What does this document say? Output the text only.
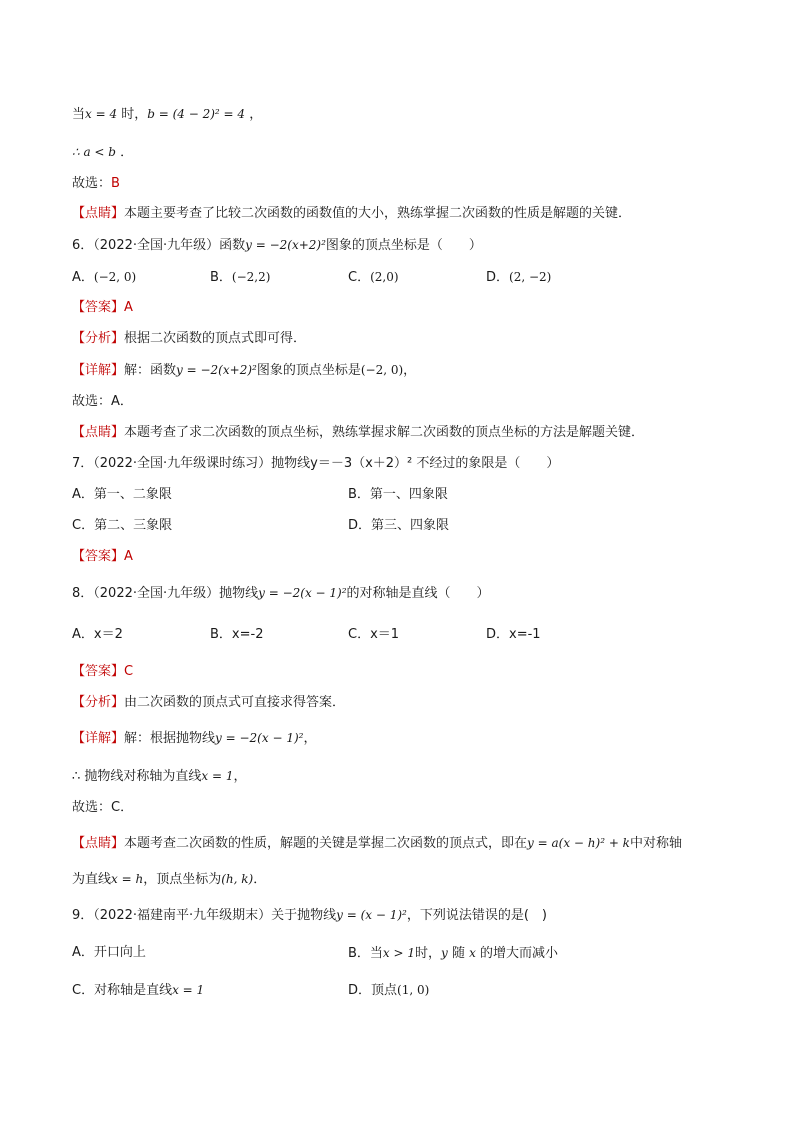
当x = 4 时，b = (4 − 2)² = 4 ，
∴ a < b ．
故选：B
【点睛】本题主要考查了比较二次函数的函数值的大小，熟练掌握二次函数的性质是解题的关键．
6．（2022·全国·九年级）函数y = −2(x+2)²图象的顶点坐标是（　　）
A．(−2, 0)	B．(−2,2)	C．(2,0)	D．(2, −2)
【答案】A
【分析】根据二次函数的顶点式即可得．
【详解】解：函数y = −2(x+2)²图象的顶点坐标是(−2, 0)，
故选：A．
【点睛】本题考查了求二次函数的顶点坐标，熟练掌握求解二次函数的顶点坐标的方法是解题关键．
7．（2022·全国·九年级课时练习）抛物线y＝－3（x＋2）² 不经过的象限是（　　）
A．第一、二象限	B．第一、四象限
C．第二、三象限	D．第三、四象限
【答案】A
8．（2022·全国·九年级）抛物线y = −2(x − 1)²的对称轴是直线（　　）
A．x＝2	B．x=-2	C．x＝1	D．x=-1
【答案】C
【分析】由二次函数的顶点式可直接求得答案．
【详解】解：根据抛物线y = −2(x − 1)²，
∴ 抛物线对称轴为直线x = 1，
故选：C．
【点睛】本题考查二次函数的性质，解题的关键是掌握二次函数的顶点式，即在y = a(x − h)² + k中对称轴
为直线x = h，顶点坐标为(h, k)．
9．（2022·福建南平·九年级期末）关于抛物线y = (x − 1)²，下列说法错误的是(　)
A．开口向上	B．当x > 1时，y 随 x 的增大而减小
C．对称轴是直线x = 1	D．顶点(1, 0)
